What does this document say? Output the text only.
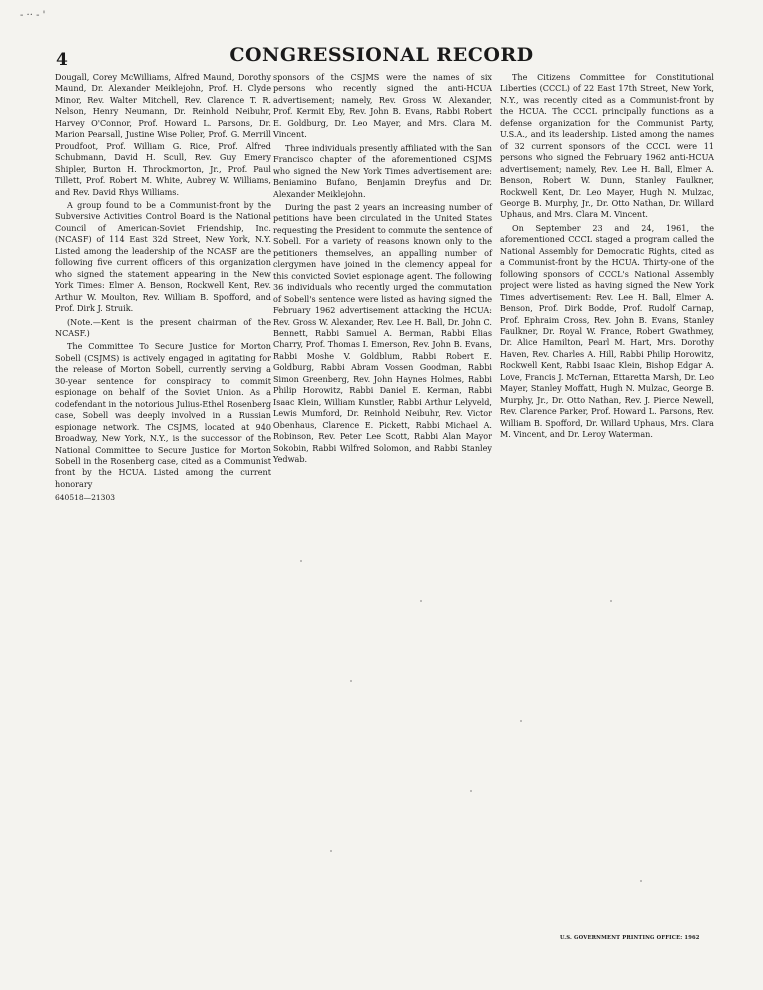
- ·· - '
4	CONGRESSIONAL RECORD

Dougall, Corey McWilliams, Alfred Maund, Dorothy Maund, Dr. Alexander Meiklejohn, Prof. H. Clyde Minor, Rev. Walter Mitchell, Rev. Clarence T. R. Nelson, Henry Neumann, Dr. Reinhold Neibuhr, Harvey O'Connor, Prof. Howard L. Parsons, Dr. Marion Pearsall, Justine Wise Polier, Prof. G. Merrill Proudfoot, Prof. William G. Rice, Prof. Alfred Schubmann, David H. Scull, Rev. Guy Emery Shipler, Burton H. Throckmorton, Jr., Prof. Paul Tillett, Prof. Robert M. White, Aubrey W. Williams, and Rev. David Rhys Williams.

A group found to be a Communist-front by the Subversive Activities Control Board is the National Council of American-Soviet Friendship, Inc. (NCASF) of 114 East 32d Street, New York, N.Y. Listed among the leadership of the NCASF are the following five current officers of this organization who signed the statement appearing in the New York Times: Elmer A. Benson, Rockwell Kent, Rev. Arthur W. Moulton, Rev. William B. Spofford, and Prof. Dirk J. Struik.

(Note.—Kent is the present chairman of the NCASF.)

The Committee To Secure Justice for Morton Sobell (CSJMS) is actively engaged in agitating for the release of Morton Sobell, currently serving a 30-year sentence for conspiracy to commit espionage on behalf of the Soviet Union. As a codefendant in the notorious Julius-Ethel Rosenberg case, Sobell was deeply involved in a Russian espionage network. The CSJMS, located at 940 Broadway, New York, N.Y., is the successor of the National Committee to Secure Justice for Morton Sobell in the Rosenberg case, cited as a Communist front by the HCUA. Listed among the current honorary

640518—21303

sponsors of the CSJMS were the names of six persons who recently signed the anti-HCUA advertisement; namely, Rev. Gross W. Alexander, Prof. Kermit Eby, Rev. John B. Evans, Rabbi Robert E. Goldburg, Dr. Leo Mayer, and Mrs. Clara M. Vincent.

Three individuals presently affiliated with the San Francisco chapter of the aforementioned CSJMS who signed the New York Times advertisement are: Beniamino Bufano, Benjamin Dreyfus and Dr. Alexander Meiklejohn.

During the past 2 years an increasing number of petitions have been circulated in the United States requesting the President to commute the sentence of Sobell. For a variety of reasons known only to the petitioners themselves, an appalling number of clergymen have joined in the clemency appeal for this convicted Soviet espionage agent. The following 36 individuals who recently urged the commutation of Sobell's sentence were listed as having signed the February 1962 advertisement attacking the HCUA: Rev. Gross W. Alexander, Rev. Lee H. Ball, Dr. John C. Bennett, Rabbi Samuel A. Berman, Rabbi Elias Charry, Prof. Thomas I. Emerson, Rev. John B. Evans, Rabbi Moshe V. Goldblum, Rabbi Robert E. Goldburg, Rabbi Abram Vossen Goodman, Rabbi Simon Greenberg, Rev. John Haynes Holmes, Rabbi Philip Horowitz, Rabbi Daniel E. Kerman, Rabbi Isaac Klein, William Kunstler, Rabbi Arthur Lelyveld, Lewis Mumford, Dr. Reinhold Neibuhr, Rev. Victor Obenhaus, Clarence E. Pickett, Rabbi Michael A. Robinson, Rev. Peter Lee Scott, Rabbi Alan Mayor Sokobin, Rabbi Wilfred Solomon, and Rabbi Stanley Yedwab.

The Citizens Committee for Constitutional Liberties (CCCL) of 22 East 17th Street, New York, N.Y., was recently cited as a Communist-front by the HCUA. The CCCL principally functions as a defense organization for the Communist Party, U.S.A., and its leadership. Listed among the names of 32 current sponsors of the CCCL were 11 persons who signed the February 1962 anti-HCUA advertisement; namely, Rev. Lee H. Ball, Elmer A. Benson, Robert W. Dunn, Stanley Faulkner, Rockwell Kent, Dr. Leo Mayer, Hugh N. Mulzac, George B. Murphy, Jr., Dr. Otto Nathan, Dr. Willard Uphaus, and Mrs. Clara M. Vincent.

On September 23 and 24, 1961, the aforementioned CCCL staged a program called the National Assembly for Democratic Rights, cited as a Communist-front by the HCUA. Thirty-one of the following sponsors of CCCL's National Assembly project were listed as having signed the New York Times advertisement: Rev. Lee H. Ball, Elmer A. Benson, Prof. Dirk Bodde, Prof. Rudolf Carnap, Prof. Ephraim Cross, Rev. John B. Evans, Stanley Faulkner, Dr. Royal W. France, Robert Gwathmey, Dr. Alice Hamilton, Pearl M. Hart, Mrs. Dorothy Haven, Rev. Charles A. Hill, Rabbi Philip Horowitz, Rockwell Kent, Rabbi Isaac Klein, Bishop Edgar A. Love, Francis J. McTernan, Ettaretta Marsh, Dr. Leo Mayer, Stanley Moffatt, Hugh N. Mulzac, George B. Murphy, Jr., Dr. Otto Nathan, Rev. J. Pierce Newell, Rev. Clarence Parker, Prof. Howard L. Parsons, Rev. William B. Spofford, Dr. Willard Uphaus, Mrs. Clara M. Vincent, and Dr. Leroy Waterman.

U.S. GOVERNMENT PRINTING OFFICE: 1962
